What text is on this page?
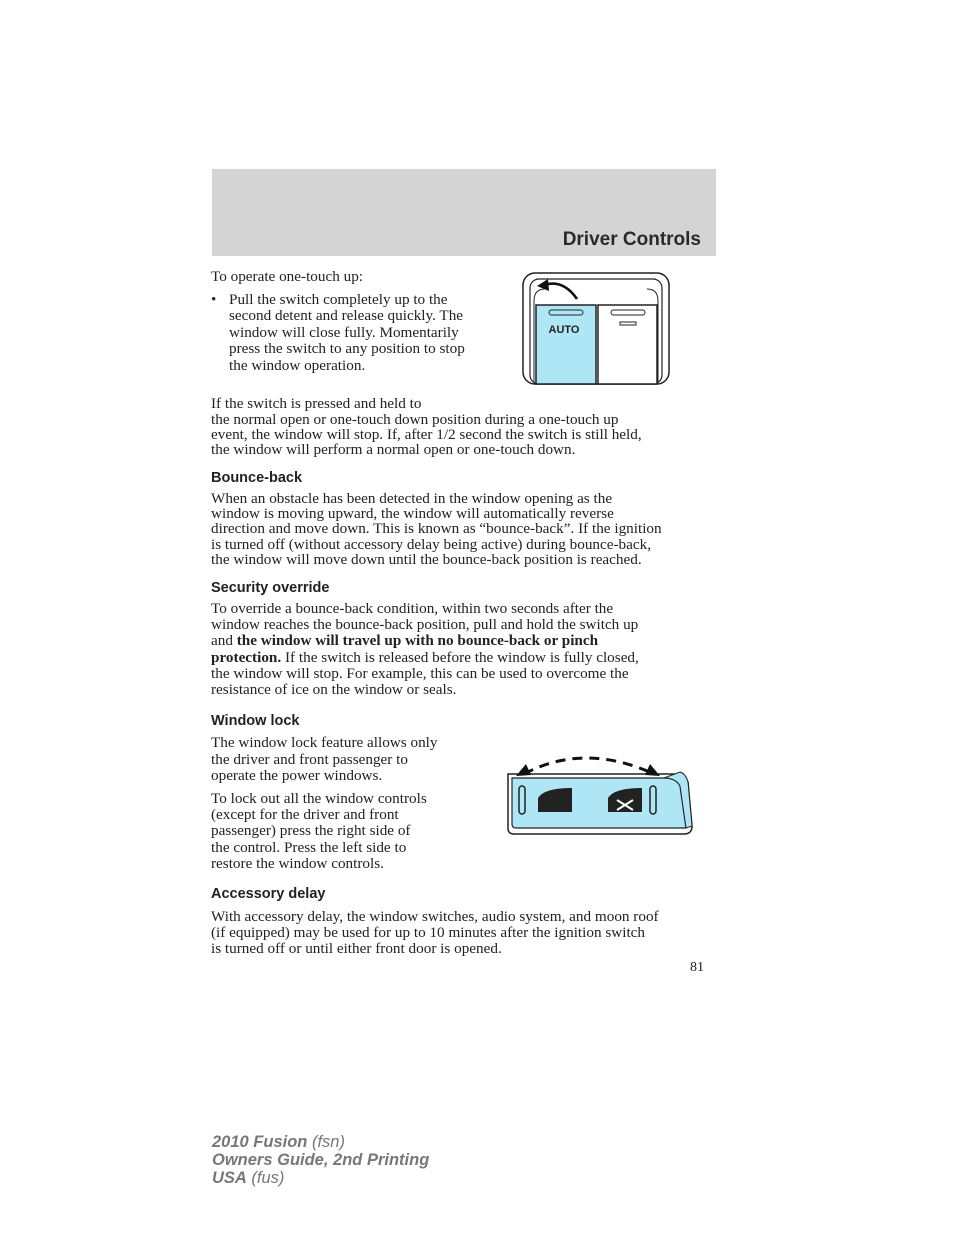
Driver Controls

To operate one-touch up:

• Pull the switch completely up to the second detent and release quickly. The window will close fully. Momentarily press the switch to any position to stop the window operation.
AUTO

If the switch is pressed and held to

the normal open or one-touch down position during a one-touch up

event, the window will stop. If, after 1/2 second the switch is still held,

the window will perform a normal open or one-touch down.

Bounce-back

When an obstacle has been detected in the window opening as the

window is moving upward, the window will automatically reverse

direction and move down. This is known as “bounce-back”. If the ignition

is turned off (without accessory delay being active) during bounce-back,

the window will move down until the bounce-back position is reached.

Security override

To override a bounce-back condition, within two seconds after the

window reaches the bounce-back position, pull and hold the switch up

and the window will travel up with no bounce-back or pinch

protection. If the switch is released before the window is fully closed,

the window will stop. For example, this can be used to overcome the

resistance of ice on the window or seals.

Window lock

The window lock feature allows only

the driver and front passenger to

operate the power windows.

To lock out all the window controls

(except for the driver and front

passenger) press the right side of

the control. Press the left side to

restore the window controls.

Accessory delay

With accessory delay, the window switches, audio system, and moon roof

(if equipped) may be used for up to 10 minutes after the ignition switch

is turned off or until either front door is opened.

81
2010 Fusion (fsn)
Owners Guide, 2nd Printing
USA (fus)
